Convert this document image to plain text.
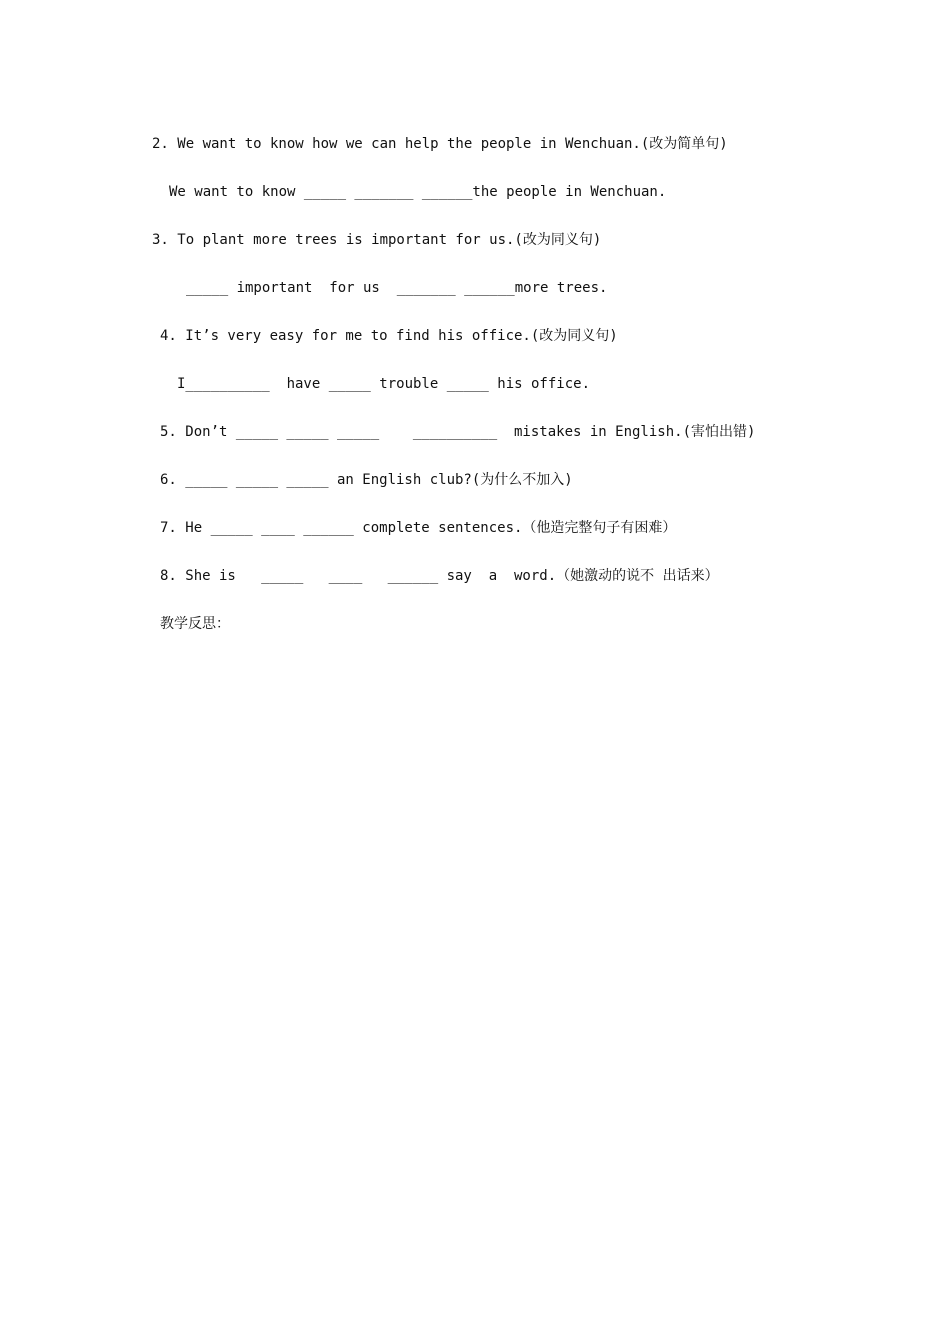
2. We want to know how we can help the people in Wenchuan.(改为简单句)
We want to know _____ _______ ______the people in Wenchuan.
3. To plant more trees is important for us.(改为同义句)
_____ important  for us  _______ ______more trees.
4. It’s very easy for me to find his office.(改为同义句)
I__________  have _____ trouble _____ his office.
5. Don’t _____ _____ _____    __________  mistakes in English.(害怕出错)
6. _____ _____ _____ an English club?(为什么不加入)
7. He _____ ____ ______ complete sentences.（他造完整句子有困难）
8. She is   _____   ____   ______ say  a  word.（她激动的说不 出话来）
教学反思：
